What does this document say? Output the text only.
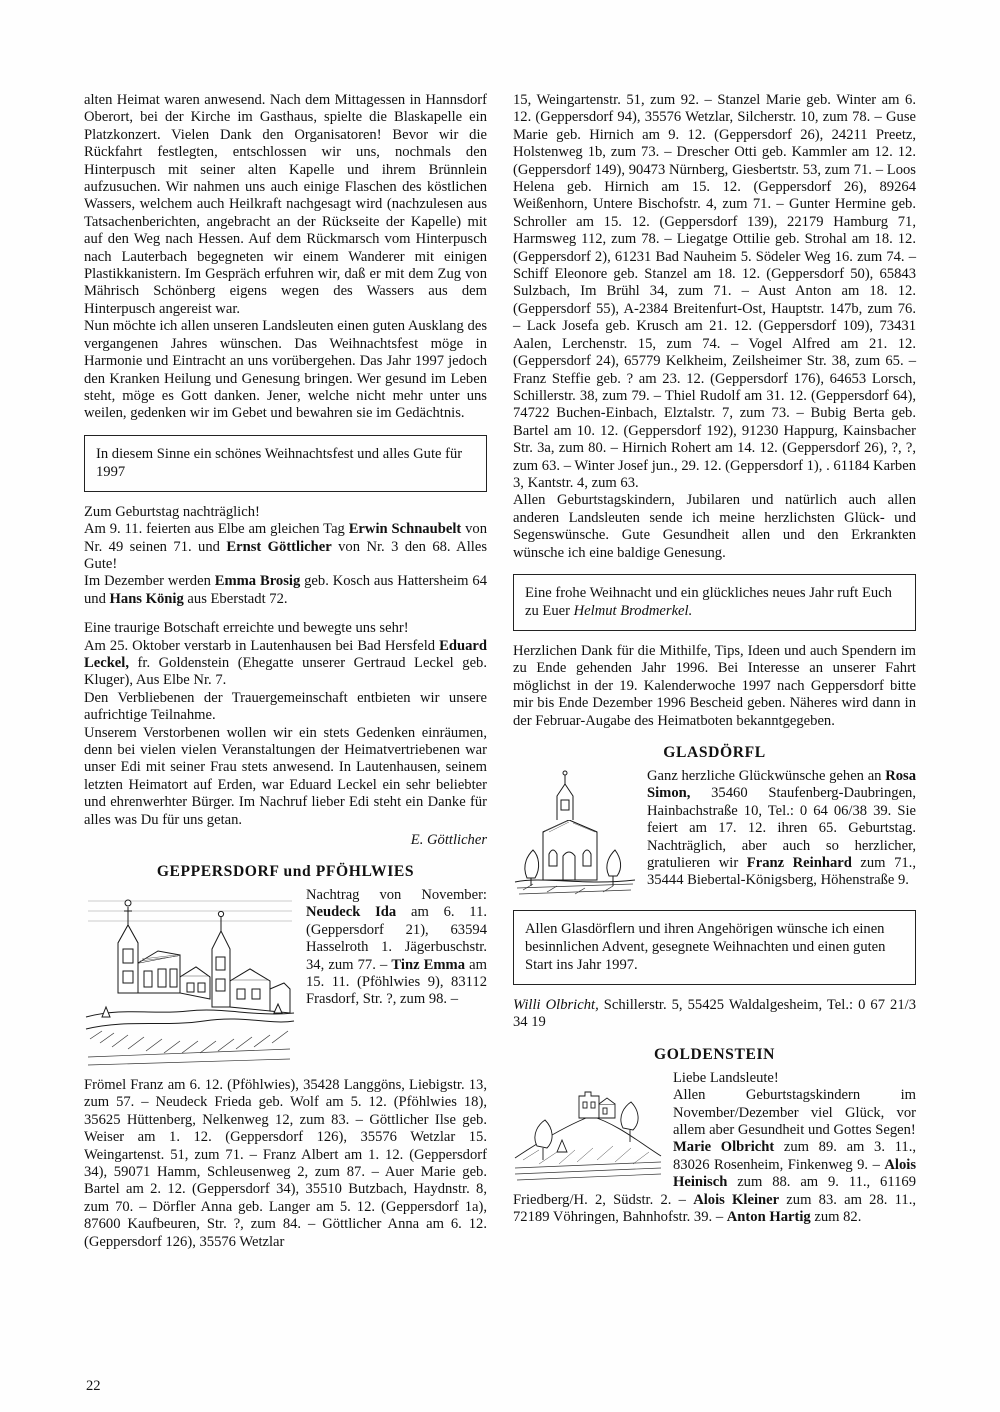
alten Heimat waren anwesend. Nach dem Mittagessen in Hannsdorf Oberort, bei der Kirche im Gasthaus, spielte die Blaskapelle ein Platzkonzert. Vielen Dank den Organisatoren! Bevor wir die Rückfahrt festlegten, entschlossen wir uns, nochmals den Hinterpusch mit seiner alten Kapelle und ihrem Brünnlein aufzusuchen. Wir nahmen uns auch einige Flaschen des köstlichen Wassers, welchem auch Heilkraft nachgesagt wird (nachzulesen aus Tatsachenberichten, angebracht an der Rückseite der Kapelle) mit auf den Weg nach Hessen. Auf dem Rückmarsch vom Hinterpusch nach Lauterbach begegneten wir einem Wanderer mit einigen Plastikkanistern. Im Gespräch erfuhren wir, daß er mit dem Zug von Mährisch Schönberg eigens wegen des Wassers aus dem Hinterpusch angereist war.

Nun möchte ich allen unseren Landsleuten einen guten Ausklang des vergangenen Jahres wünschen. Das Weihnachtsfest möge in Harmonie und Eintracht an uns vorübergehen. Das Jahr 1997 jedoch den Kranken Heilung und Genesung bringen. Wer gesund im Leben steht, möge es Gott danken. Jener, welche nicht mehr unter uns weilen, gedenken wir im Gebet und bewahren sie im Gedächtnis.

In diesem Sinne ein schönes Weihnachtsfest und alles Gute für 1997

Zum Geburtstag nachträglich!

Am 9. 11. feierten aus Elbe am gleichen Tag Erwin Schnaubelt von Nr. 49 seinen 71. und Ernst Göttlicher von Nr. 3 den 68. Alles Gute!

Im Dezember werden Emma Brosig geb. Kosch aus Hattersheim 64 und Hans König aus Eberstadt 72.

Eine traurige Botschaft erreichte und bewegte uns sehr!

Am 25. Oktober verstarb in Lautenhausen bei Bad Hersfeld Eduard Leckel, fr. Goldenstein (Ehegatte unserer Gertraud Leckel geb. Kluger), Aus Elbe Nr. 7.

Den Verbliebenen der Trauergemeinschaft entbieten wir unsere aufrichtige Teilnahme.

Unserem Verstorbenen wollen wir ein stets Gedenken einräumen, denn bei vielen vielen Veranstaltungen der Heimatvertriebenen war unser Edi mit seiner Frau stets anwesend. In Lautenhausen, seinem letzten Heimatort auf Erden, war Eduard Leckel ein sehr beliebter und ehrenwerhter Bürger. Im Nachruf lieber Edi steht ein Danke für alles was Du für uns getan.

E. Göttlicher
GEPPERSDORF und PFÖHLWIES

Nachtrag von November: Neudeck Ida am 6. 11. (Geppersdorf 21), 63594 Hasselroth 1. Jägerbuschstr. 34, zum 77. – Tinz Emma am 15. 11. (Pföhlwies 9), 83112 Frasdorf, Str. ?, zum 98. –

Frömel Franz am 6. 12. (Pföhlwies), 35428 Langgöns, Liebigstr. 13, zum 57. – Neudeck Frieda geb. Wolf am 5. 12. (Pföhlwies 18), 35625 Hüttenberg, Nelkenweg 12, zum 83. – Göttlicher Ilse geb. Weiser am 1. 12. (Geppersdorf 126), 35576 Wetzlar 15. Weingartenst. 51, zum 71. – Franz Albert am 1. 12. (Geppersdorf 34), 59071 Hamm, Schleusenweg 2, zum 87. – Auer Marie geb. Bartel am 2. 12. (Geppersdorf 34), 35510 Butzbach, Haydnstr. 8, zum 70. – Dörfler Anna geb. Langer am 5. 12. (Geppersdorf 1a), 87600 Kaufbeuren, Str. ?, zum 84. – Göttlicher Anna am 6. 12. (Geppersdorf 126), 35576 Wetzlar

15, Weingartenstr. 51, zum 92. – Stanzel Marie geb. Winter am 6. 12. (Geppersdorf 94), 35576 Wetzlar, Silcherstr. 10, zum 78. – Guse Marie geb. Hirnich am 9. 12. (Geppersdorf 26), 24211 Preetz, Holstenweg 1b, zum 73. – Drescher Otti geb. Kammler am 12. 12. (Geppersdorf 149), 90473 Nürnberg, Giesbertstr. 53, zum 71. – Loos Helena geb. Hirnich am 15. 12. (Geppersdorf 26), 89264 Weißenhorn, Untere Bischofstr. 4, zum 71. – Gunter Hermine geb. Schroller am 15. 12. (Geppersdorf 139), 22179 Hamburg 71, Harmsweg 112, zum 78. – Liegatge Ottilie geb. Strohal am 18. 12. (Geppersdorf 2), 61231 Bad Nauheim 5. Södeler Weg 16. zum 74. – Schiff Eleonore geb. Stanzel am 18. 12. (Geppersdorf 50), 65843 Sulzbach, Im Brühl 34, zum 71. – Aust Anton am 18. 12. (Geppersdorf 55), A-2384 Breitenfurt-Ost, Hauptstr. 147b, zum 76. – Lack Josefa geb. Krusch am 21. 12. (Geppersdorf 109), 73431 Aalen, Lerchenstr. 15, zum 74. – Vogel Alfred am 21. 12. (Geppersdorf 24), 65779 Kelkheim, Zeilsheimer Str. 38, zum 65. – Franz Steffie geb. ? am 23. 12. (Geppersdorf 176), 64653 Lorsch, Schillerstr. 38, zum 79. – Thiel Rudolf am 31. 12. (Geppersdorf 64), 74722 Buchen-Einbach, Elztalstr. 7, zum 73. – Bubig Berta geb. Bartel am 10. 12. (Geppersdorf 192), 91230 Happurg, Kainsbacher Str. 3a, zum 80. – Hirnich Rohert am 14. 12. (Geppersdorf 26), ?, ?, zum 63. – Winter Josef jun., 29. 12. (Geppersdorf 1), . 61184 Karben 3, Kantstr. 4, zum 63.

Allen Geburtstagskindern, Jubilaren und natürlich auch allen anderen Landsleuten sende ich meine herzlichsten Glück- und Segenswünsche. Gute Gesundheit allen und den Erkrankten wünsche ich eine baldige Genesung.

Eine frohe Weihnacht und ein glückliches neues Jahr ruft Euch zu Euer Helmut Brodmerkel.

Herzlichen Dank für die Mithilfe, Tips, Ideen und auch Spendern im zu Ende gehenden Jahr 1996. Bei Interesse an unserer Fahrt möglichst in der 19. Kalenderwoche 1997 nach Geppersdorf bitte mir bis Ende Dezember 1996 Bescheid geben. Näheres wird dann in der Februar-Augabe des Heimatboten bekanntgegeben.

GLASDÖRFL

Ganz herzliche Glückwünsche gehen an Rosa Simon, 35460 Staufenberg-Daubringen, Hainbachstraße 10, Tel.: 0 64 06/38 39. Sie feiert am 17. 12. ihren 65. Geburtstag. Nachträglich, aber auch so herzlicher, gratulieren wir Franz Reinhard zum 71., 35444 Biebertal-Königsberg, Höhenstraße 9.

Allen Glasdörflern und ihren Angehörigen wünsche ich einen besinnlichen Advent, gesegnete Weihnachten und einen guten Start ins Jahr 1997.

Willi Olbricht, Schillerstr. 5, 55425 Waldalgesheim, Tel.: 0 67 21/3 34 19

GOLDENSTEIN

Liebe Landsleute!

Allen Geburtstagskindern im November/Dezember viel Glück, vor allem aber Gesundheit und Gottes Segen!

Marie Olbricht zum 89. am 3. 11., 83026 Rosenheim, Finkenweg 9. – Alois Heinisch zum 88. am 9. 11., 61169 Friedberg/H. 2, Südstr. 2. – Alois Kleiner zum 83. am 28. 11., 72189 Vöhringen, Bahnhofstr. 39. – Anton Hartig zum 82.

22
